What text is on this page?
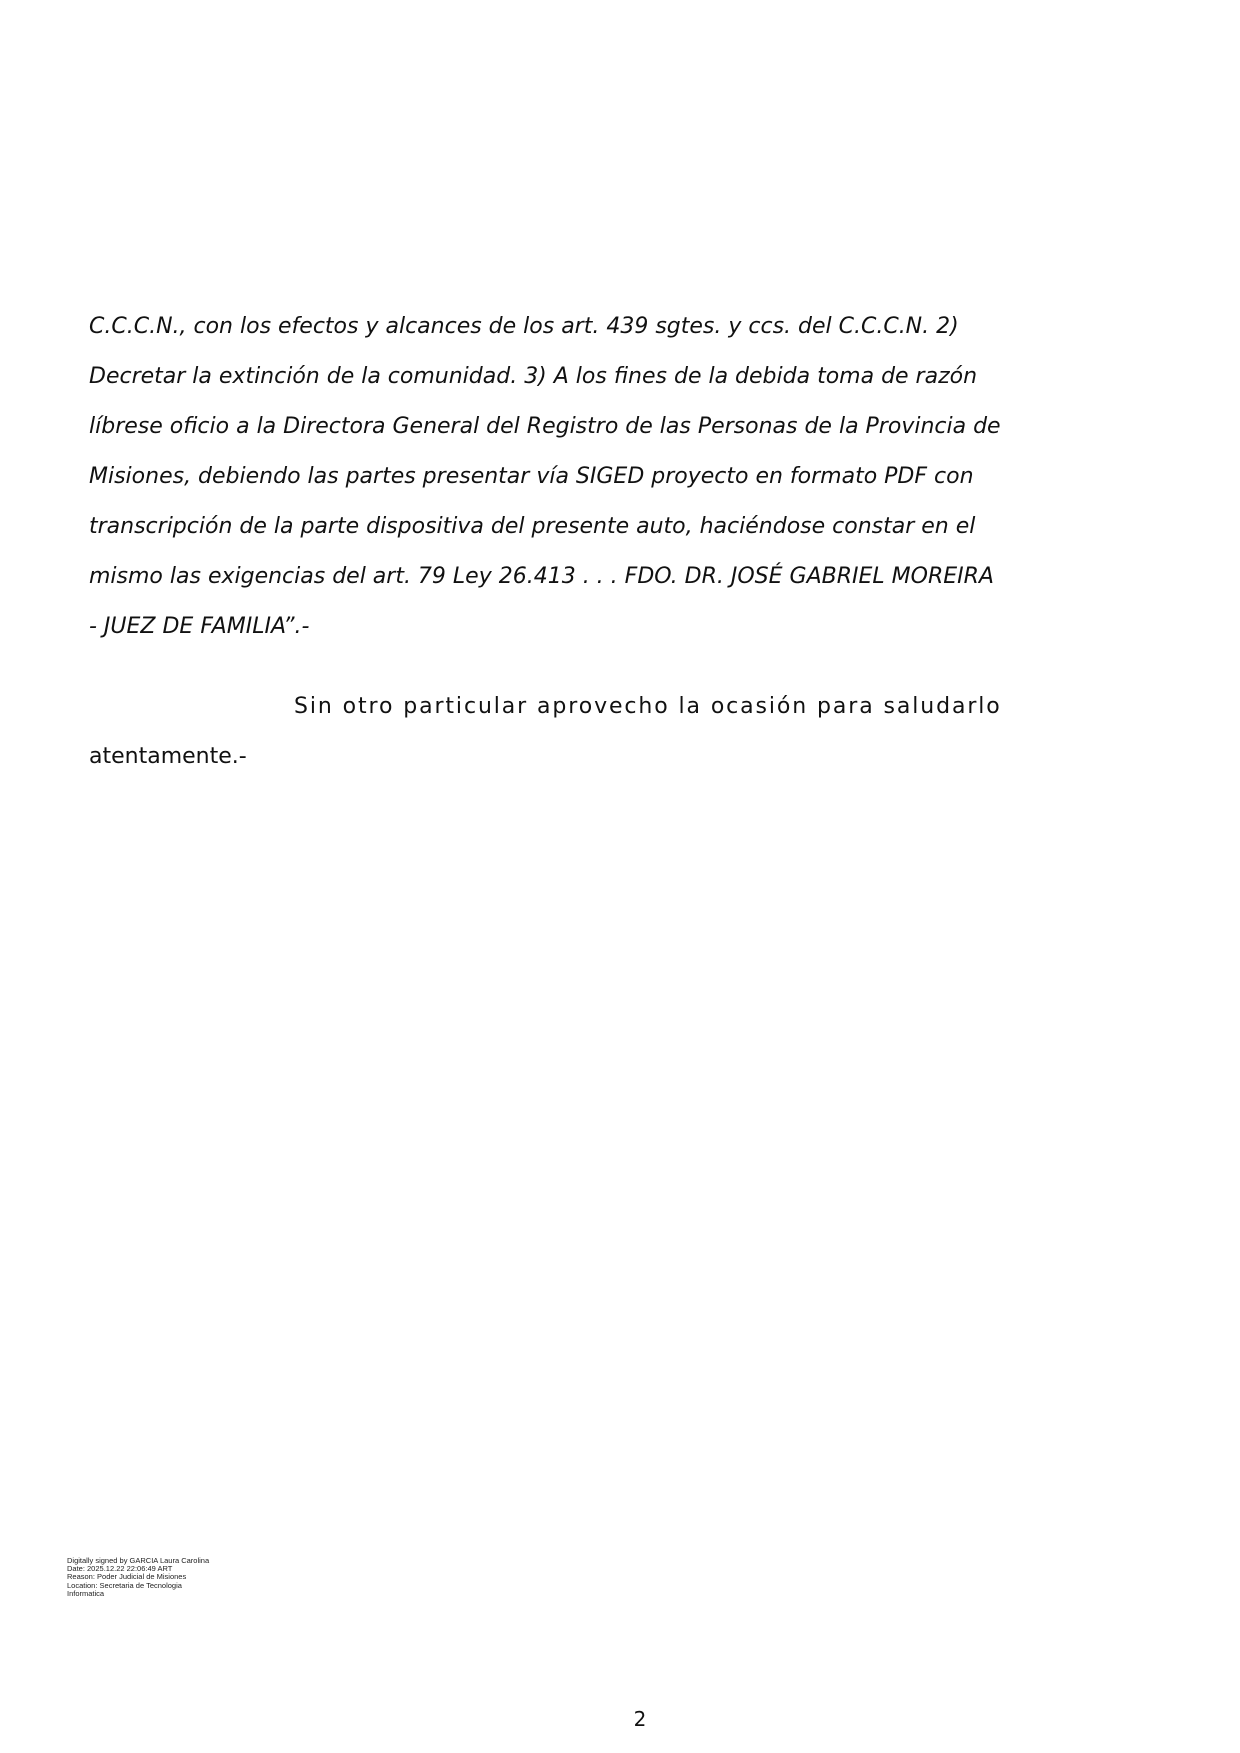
C.C.C.N., con los efectos y alcances de los art. 439 sgtes. y ccs. del C.C.C.N. 2)
Decretar la extinción de la comunidad. 3) A los fines de la debida toma de razón
líbrese oficio a la Directora General del Registro de las Personas de la Provincia de
Misiones, debiendo las partes presentar vía SIGED proyecto en formato PDF con
transcripción de la parte dispositiva del presente auto, haciéndose constar en el
mismo las exigencias del art. 79 Ley 26.413 . . . FDO. DR. JOSÉ GABRIEL MOREIRA
- JUEZ DE FAMILIA”.-
Sin otro particular aprovecho la ocasión para saludarlo
atentamente.-
Digitally signed by GARCIA Laura Carolina
Date: 2025.12.22 22:06:49 ART
Reason: Poder Judicial de Misiones
Location: Secretaria de Tecnologia
Informatica
2
